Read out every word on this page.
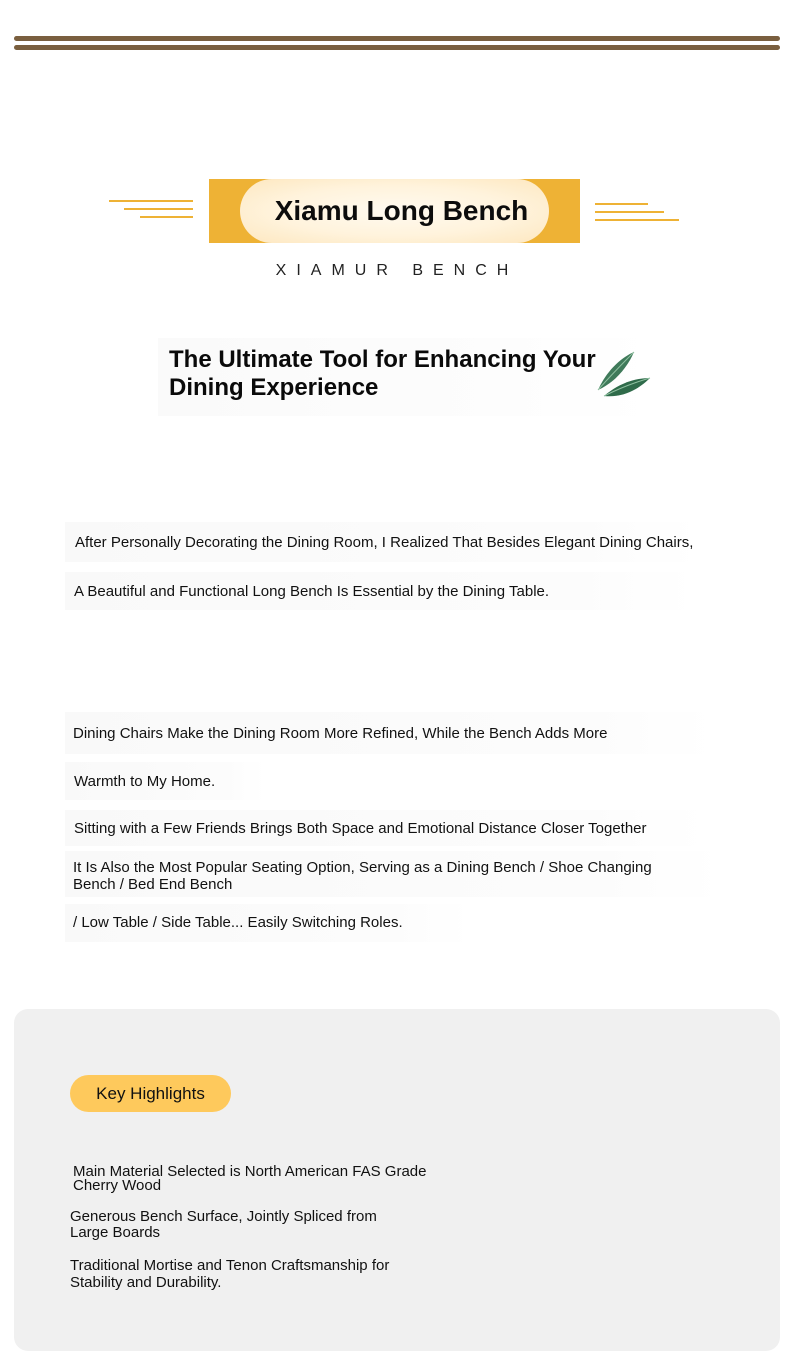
Xiamu Long Bench
XIAMUR BENCH
The Ultimate Tool for Enhancing Your Dining Experience
After Personally Decorating the Dining Room, I Realized That Besides Elegant Dining Chairs,
A Beautiful and Functional Long Bench Is Essential by the Dining Table.
Dining Chairs Make the Dining Room More Refined, While the Bench Adds More
Warmth to My Home.
Sitting with a Few Friends Brings Both Space and Emotional Distance Closer Together
It Is Also the Most Popular Seating Option, Serving as a Dining Bench / Shoe Changing Bench / Bed End Bench
/ Low Table / Side Table... Easily Switching Roles.
Key Highlights
Main Material Selected is North American FAS Grade Cherry Wood
Generous Bench Surface, Jointly Spliced from Large Boards
Traditional Mortise and Tenon Craftsmanship for Stability and Durability.
